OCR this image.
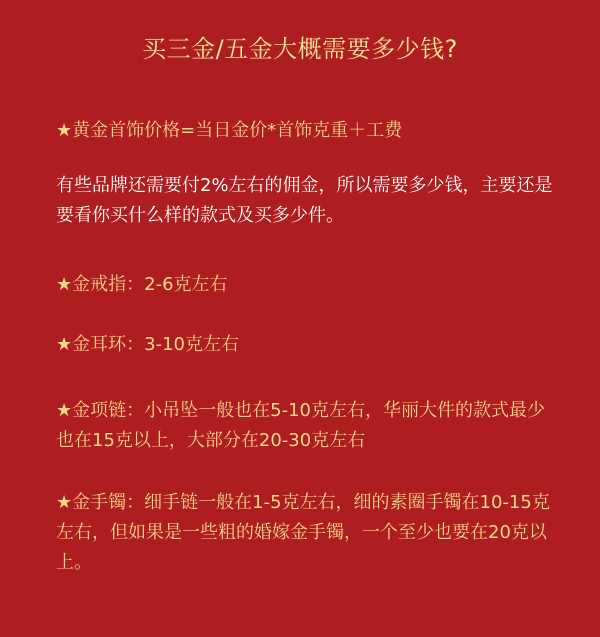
买三金/五金大概需要多少钱?
★黄金首饰价格=当日金价*首饰克重＋工费

有些品牌还需要付2%左右的佣金，所以需要多少钱，主要还是要看你买什么样的款式及买多少件。

★金戒指：2-6克左右

★金耳环：3-10克左右

★金项链：小吊坠一般也在5-10克左右，华丽大件的款式最少也在15克以上，大部分在20-30克左右

★金手镯：细手链一般在1-5克左右，细的素圈手镯在10-15克左右，但如果是一些粗的婚嫁金手镯，一个至少也要在20克以上。
